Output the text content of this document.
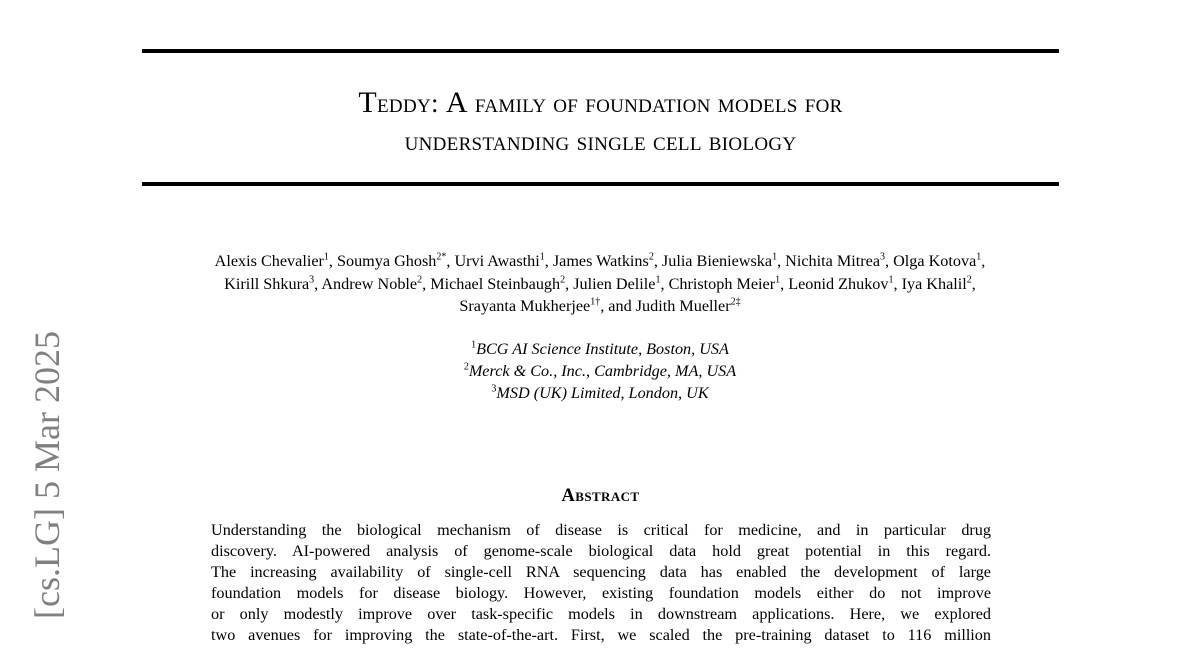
Teddy: A family of foundation models for
understanding single cell biology
Alexis Chevalier$^1$, Soumya Ghosh$^{2*}$, Urvi Awasthi$^1$, James Watkins$^2$, Julia Bieniewska$^1$, Nichita Mitrea$^3$, Olga Kotova$^1$,
Kirill Shkura$^3$, Andrew Noble$^2$, Michael Steinbaugh$^2$, Julien Delile$^1$, Christoph Meier$^1$, Leonid Zhukov$^1$, Iya Khalil$^2$,
Srayanta Mukherjee$^{1\dagger}$, and Judith Mueller$^{2\ddagger}$
$^1$BCG AI Science Institute, Boston, USA
$^2$Merck & Co., Inc., Cambridge, MA, USA
$^3$MSD (UK) Limited, London, UK
Abstract
Understanding the biological mechanism of disease is critical for medicine, and in particular drug
discovery. AI-powered analysis of genome-scale biological data hold great potential in this regard.
The increasing availability of single-cell RNA sequencing data has enabled the development of large
foundation models for disease biology. However, existing foundation models either do not improve
or only modestly improve over task-specific models in downstream applications. Here, we explored
two avenues for improving the state-of-the-art. First, we scaled the pre-training dataset to 116 million
[cs.LG] 5 Mar 2025
